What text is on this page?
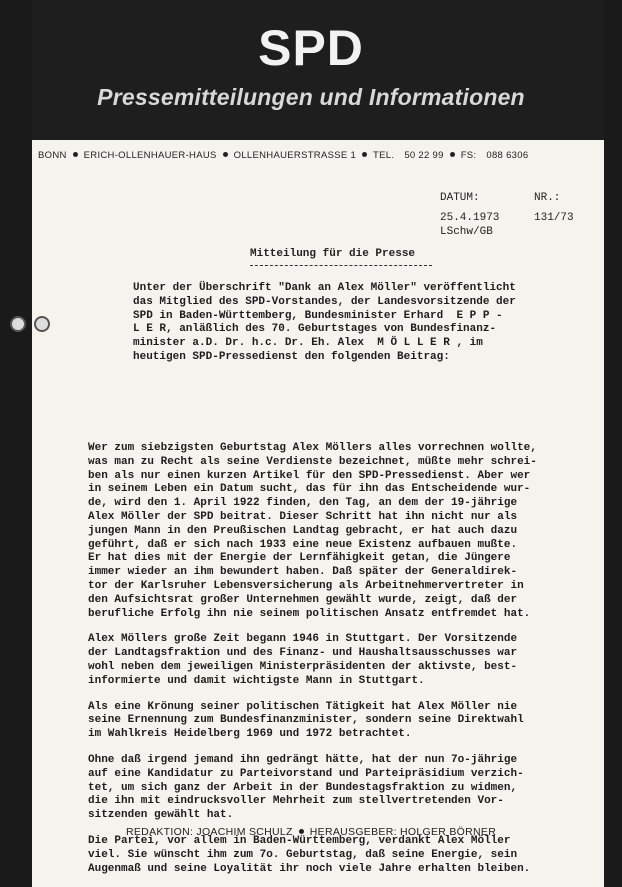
SPD
Pressemitteilungen und Informationen
BONN ERICH-OLLENHAUER-HAUS OLLENHAUERSTRASSE 1 TEL. 50 22 99 FS: 088 6306
DATUM:	NR.:
25.4.1973	131/73
LSchw/GB
Mitteilung für die Presse

Unter der Überschrift "Dank an Alex Möller" veröffentlicht

das Mitglied des SPD-Vorstandes, der Landesvorsitzende der

SPD in Baden-Württemberg, Bundesminister Erhard  E P P -

L E R, anläßlich des 70. Geburtstages von Bundesfinanz-

minister a.D. Dr. h.c. Dr. Eh. Alex  M Ö L L E R , im

heutigen SPD-Pressedienst den folgenden Beitrag:

Wer zum siebzigsten Geburtstag Alex Möllers alles vorrechnen wollte,
was man zu Recht als seine Verdienste bezeichnet, müßte mehr schrei-
ben als nur einen kurzen Artikel für den SPD-Pressedienst. Aber wer
in seinem Leben ein Datum sucht, das für ihn das Entscheidende wur-
de, wird den 1. April 1922 finden, den Tag, an dem der 19-jährige
Alex Möller der SPD beitrat. Dieser Schritt hat ihn nicht nur als
jungen Mann in den Preußischen Landtag gebracht, er hat auch dazu
geführt, daß er sich nach 1933 eine neue Existenz aufbauen mußte.
Er hat dies mit der Energie der Lernfähigkeit getan, die Jüngere
immer wieder an ihm bewundert haben. Daß später der Generaldirek-
tor der Karlsruher Lebensversicherung als Arbeitnehmervertreter in
den Aufsichtsrat großer Unternehmen gewählt wurde, zeigt, daß der
berufliche Erfolg ihn nie seinem politischen Ansatz entfremdet hat.
Alex Möllers große Zeit begann 1946 in Stuttgart. Der Vorsitzende
der Landtagsfraktion und des Finanz- und Haushaltsausschusses war
wohl neben dem jeweiligen Ministerpräsidenten der aktivste, best-
informierte und damit wichtigste Mann in Stuttgart.
Als eine Krönung seiner politischen Tätigkeit hat Alex Möller nie
seine Ernennung zum Bundesfinanzminister, sondern seine Direktwahl
im Wahlkreis Heidelberg 1969 und 1972 betrachtet.
Ohne daß irgend jemand ihn gedrängt hätte, hat der nun 7o-jährige
auf eine Kandidatur zu Parteivorstand und Parteipräsidium verzich-
tet, um sich ganz der Arbeit in der Bundestagsfraktion zu widmen,
die ihn mit eindrucksvoller Mehrheit zum stellvertretenden Vor-
sitzenden gewählt hat.
Die Partei, vor allem in Baden-Württemberg, verdankt Alex Möller
viel. Sie wünscht ihm zum 7o. Geburtstag, daß seine Energie, sein
Augenmaß und seine Loyalität ihr noch viele Jahre erhalten bleiben.
REDAKTION: JOACHIM SCHULZ HERAUSGEBER: HOLGER BÖRNER
